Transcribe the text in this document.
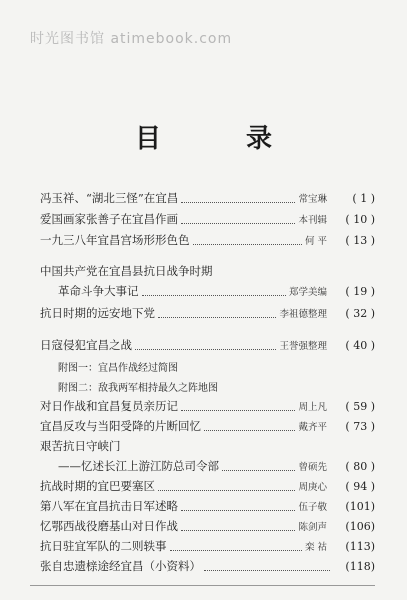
时光图书馆 atimebook.com
目 录
冯玉祥、“湖北三怪”在宜昌	常宝琳	( 1 )
爱国画家张善子在宜昌作画	本刊辑	( 10 )
一九三八年宜昌宫场形形色色	何 平	( 13 )
中国共产党在宜昌县抗日战争时期
革命斗争大事记	郑学美编	( 19 )
抗日时期的远安地下党	李祖德整理	( 32 )
日寇侵犯宜昌之战	王誉强整理	( 40 )
附图一：宜昌作战经过简图
附图二：敌我两军相持最久之阵地图
对日作战和宜昌复员亲历记	周上凡	( 59 )
宜昌反攻与当阳受降的片断回忆	戴齐平	( 73 )
艰苦抗日守峡门
——忆述长江上游江防总司令部	曾硕先	( 80 )
抗战时期的宜巴要塞区	周庚心	( 94 )
第八军在宜昌抗击日军述略	伍子敬	(101)
忆鄂西战役磨基山对日作战	陈剑声	(106)
抗日驻宜军队的二则轶事	栾 祜	(113)
张自忠遗榇途经宜昌（小资料）	(118)
